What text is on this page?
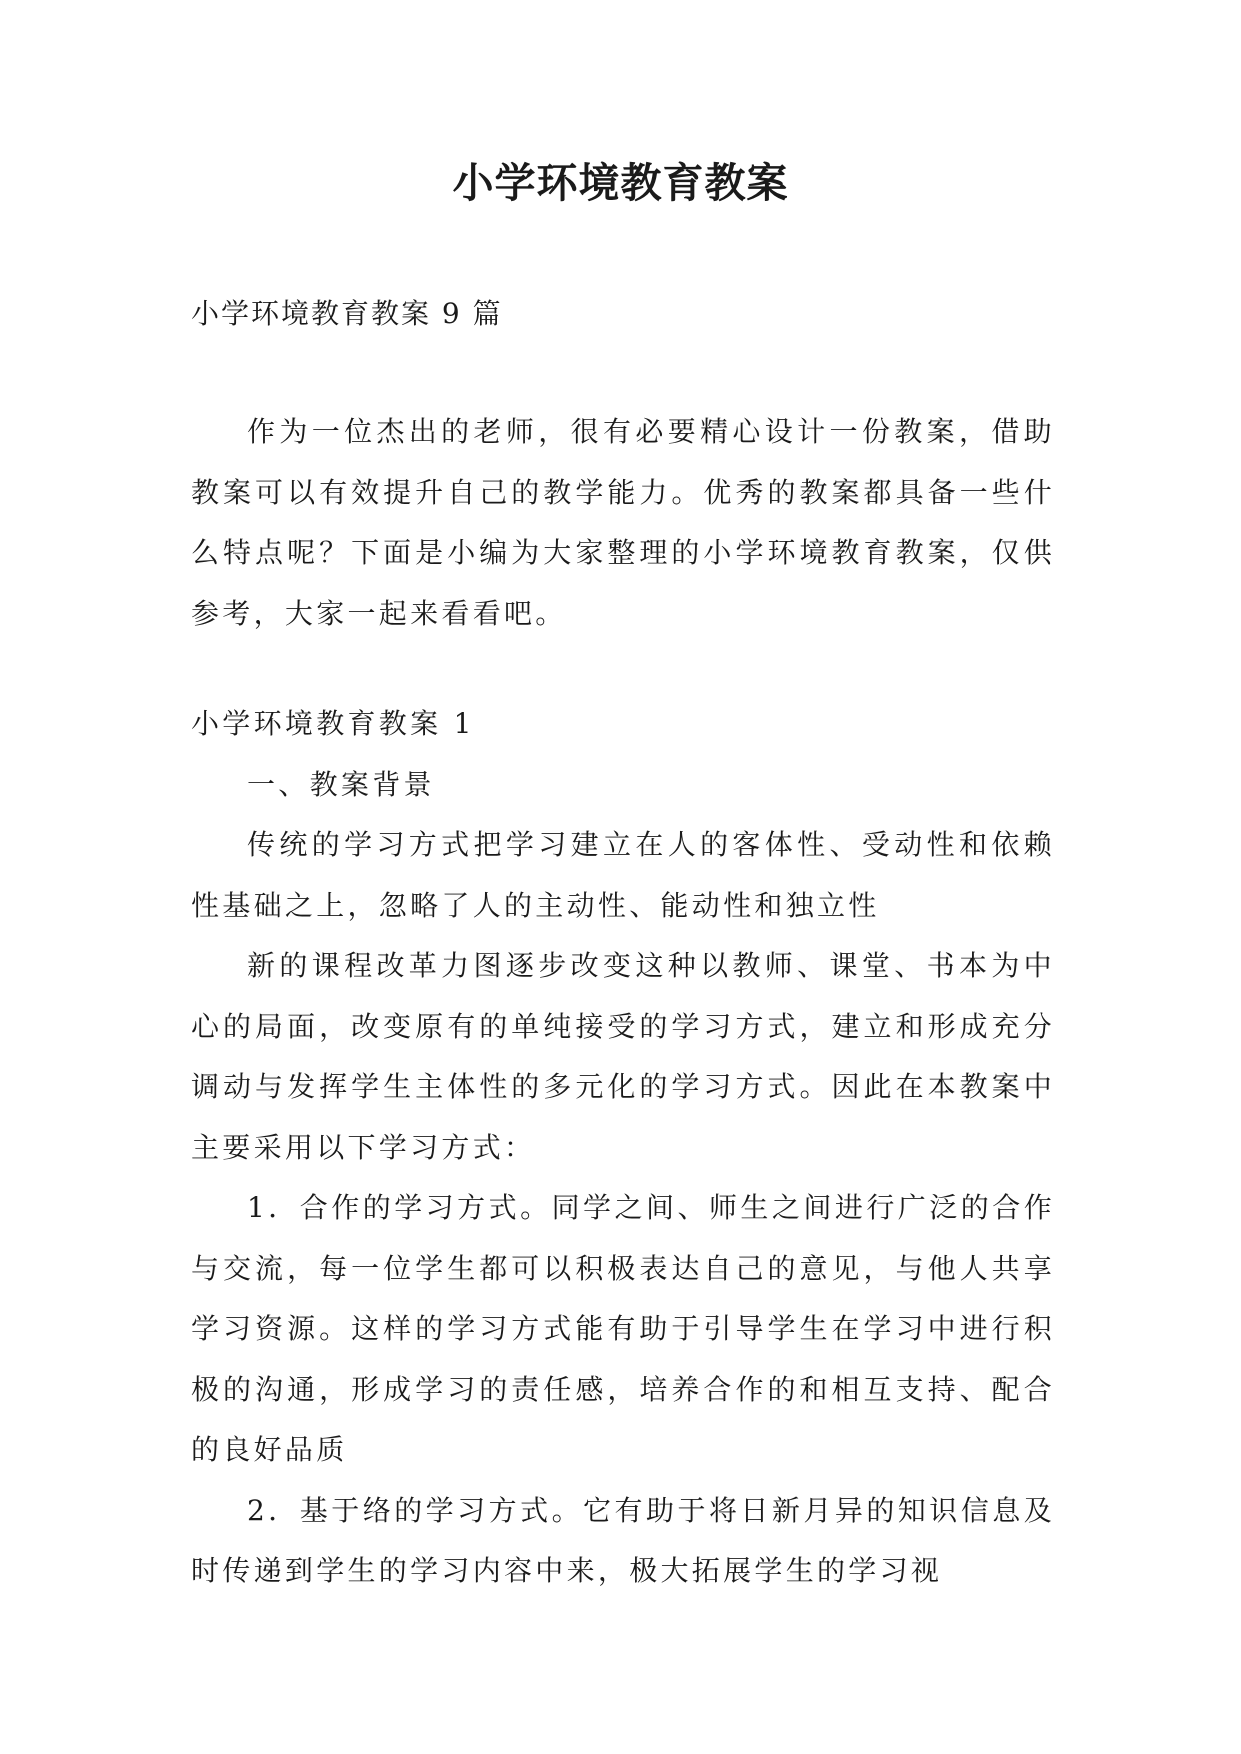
小学环境教育教案
小学环境教育教案 9 篇

作为一位杰出的老师，很有必要精心设计一份教案，借助教案可以有效提升自己的教学能力。优秀的教案都具备一些什么特点呢？下面是小编为大家整理的小学环境教育教案，仅供参考，大家一起来看看吧。

小学环境教育教案 1

一、教案背景

传统的学习方式把学习建立在人的客体性、受动性和依赖性基础之上，忽略了人的主动性、能动性和独立性

新的课程改革力图逐步改变这种以教师、课堂、书本为中心的局面，改变原有的单纯接受的学习方式，建立和形成充分调动与发挥学生主体性的多元化的学习方式。因此在本教案中主要采用以下学习方式：

1．合作的学习方式。同学之间、师生之间进行广泛的合作与交流，每一位学生都可以积极表达自己的意见，与他人共享学习资源。这样的学习方式能有助于引导学生在学习中进行积极的沟通，形成学习的责任感，培养合作的和相互支持、配合的良好品质

2．基于络的学习方式。它有助于将日新月异的知识信息及时传递到学生的学习内容中来，极大拓展学生的学习视
